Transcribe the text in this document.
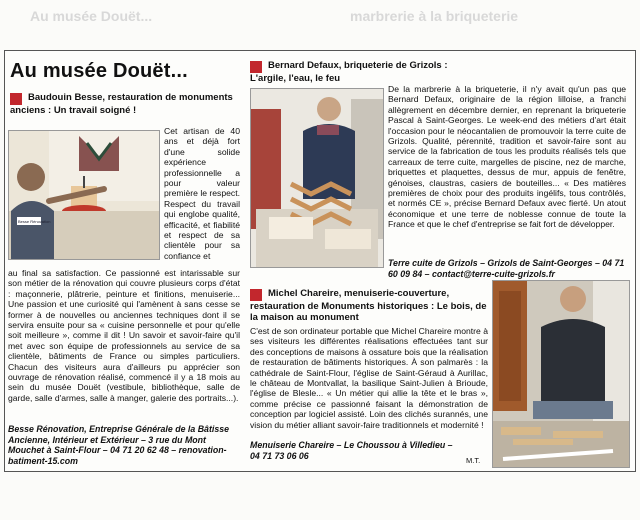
Au musée Douët...	marbrerie à la briqueterie
Au musée Douët...
Baudouin Besse, restauration de monuments anciens : Un travail soigné !
Besse Rénovation
Cet artisan de 40 ans et déjà fort d'une solide expérience professionnelle a pour valeur première le respect. Respect du travail qui englobe qualité, efficacité, et fiabilité et respect de sa clientèle pour sa confiance et
au final sa satisfaction. Ce passionné est intarissable sur son métier de la rénovation qui couvre plusieurs corps d'état : maçonnerie, plâtrerie, peinture et finitions, menuiserie... Une passion et une curiosité qui l'amènent à sans cesse se former à de nouvelles ou anciennes techniques dont il se servira ensuite pour sa « cuisine personnelle et pour qu'elle soit meilleure », comme il dit ! Un savoir et savoir-faire qu'il met avec son équipe de professionnels au service de sa clientèle, bâtiments de France ou simples particuliers. Chacun des visiteurs aura d'ailleurs pu apprécier son ouvrage de rénovation réalisé, commencé il y a 18 mois au sein du musée Douët (vestibule, bibliothèque, salle de garde, salle d'armes, salle à manger, galerie des portraits...).
Besse Rénovation, Entreprise Générale de la Bâtisse Ancienne, Intérieur et Extérieur – 3 rue du Mont Mouchet à Saint-Flour – 04 71 20 62 48 – renovation-batiment-15.com
Bernard Defaux, briqueterie de Grizols : L'argile, l'eau, le feu
De la marbrerie à la briqueterie, il n'y avait qu'un pas que Bernard Defaux, originaire de la région lilloise, a franchi allègrement en décembre dernier, en reprenant la briqueterie Pascal à Saint-Georges. Le week-end des métiers d'art était l'occasion pour le néocantalien de promouvoir la terre cuite de Grizols. Qualité, pérennité, tradition et savoir-faire sont au service de la fabrication de tous les produits réalisés tels que carreaux de terre cuite, margelles de piscine, nez de marche, briquettes et plaquettes, dessus de mur, appuis de fenêtre, génoises, claustras, casiers de bouteilles... « Des matières premières de choix pour des produits ingélifs, tous contrôlés, et normés CE », précise Bernard Defaux avec fierté. Un atout économique et une terre de noblesse connue de toute la France et que le chef d'entreprise se fait fort de développer.
Terre cuite de Grizols – Grizols de Saint-Georges – 04 71 60 09 84 – contact@terre-cuite-grizols.fr
Michel Chareire, menuiserie-couverture, restauration de Monuments historiques : Le bois, de la maison au monument
C'est de son ordinateur portable que Michel Chareire montre à ses visiteurs les différentes réalisations effectuées tant sur des conceptions de maisons à ossature bois que la réalisation de restauration de bâtiments historiques. À son palmarès : la cathédrale de Saint-Flour, l'église de Saint-Géraud à Aurillac, le château de Montvallat, la basilique Saint-Julien à Brioude, l'église de Blesle... « Un métier qui allie la tête et le bras », comme précise ce passionné faisant la démonstration de conception par logiciel assisté. Loin des clichés surannés, une vision du métier alliant savoir-faire traditionnels et modernité !
Menuiserie Chareire – Le Choussou à Villedieu – 04 71 73 06 06	M.T.
